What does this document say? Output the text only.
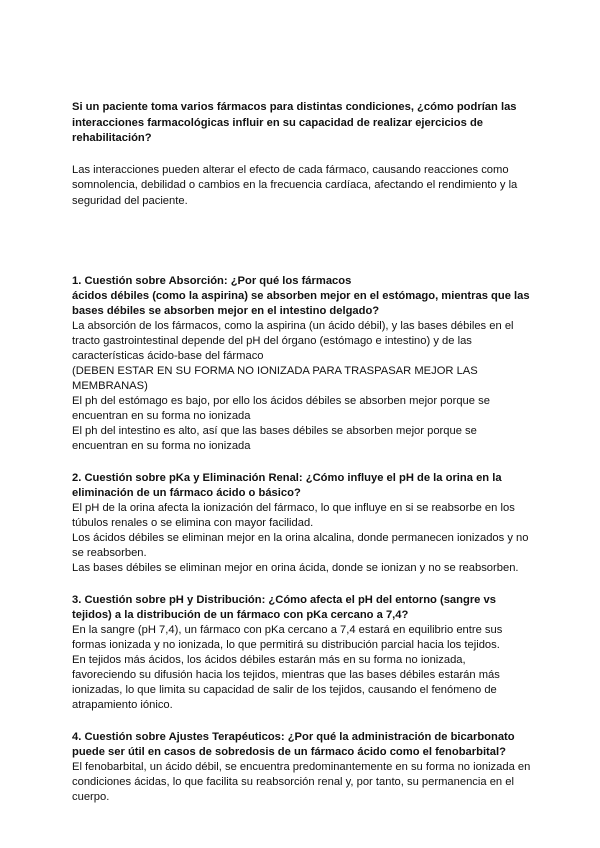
Si un paciente toma varios fármacos para distintas condiciones, ¿cómo podrían las interacciones farmacológicas influir en su capacidad de realizar ejercicios de rehabilitación?

Las interacciones pueden alterar el efecto de cada fármaco, causando reacciones como somnolencia, debilidad o cambios en la frecuencia cardíaca, afectando el rendimiento y la seguridad del paciente.

1. Cuestión sobre Absorción: ¿Por qué los fármacos

ácidos débiles (como la aspirina) se absorben mejor en el estómago, mientras que las bases débiles se absorben mejor en el intestino delgado?

La absorción de los fármacos, como la aspirina (un ácido débil), y las bases débiles en el tracto gastrointestinal depende del pH del órgano (estómago e intestino) y de las características ácido-base del fármaco

(DEBEN ESTAR EN SU FORMA NO IONIZADA PARA TRASPASAR MEJOR LAS MEMBRANAS)

El ph del estómago es bajo, por ello los ácidos débiles se absorben mejor porque se encuentran en su forma no ionizada

El ph del intestino es alto, así que las bases débiles se absorben mejor porque se encuentran en su forma no ionizada

2. Cuestión sobre pKa y Eliminación Renal: ¿Cómo influye el pH de la orina en la eliminación de un fármaco ácido o básico?

El pH de la orina afecta la ionización del fármaco, lo que influye en si se reabsorbe en los túbulos renales o se elimina con mayor facilidad.

Los ácidos débiles se eliminan mejor en la orina alcalina, donde permanecen ionizados y no se reabsorben.

Las bases débiles se eliminan mejor en orina ácida, donde se ionizan y no se reabsorben.

3. Cuestión sobre pH y Distribución: ¿Cómo afecta el pH del entorno (sangre vs tejidos) a la distribución de un fármaco con pKa cercano a 7,4?

En la sangre (pH 7,4), un fármaco con pKa cercano a 7,4 estará en equilibrio entre sus formas ionizada y no ionizada, lo que permitirá su distribución parcial hacia los tejidos.

En tejidos más ácidos, los ácidos débiles estarán más en su forma no ionizada, favoreciendo su difusión hacia los tejidos, mientras que las bases débiles estarán más ionizadas, lo que limita su capacidad de salir de los tejidos, causando el fenómeno de atrapamiento iónico.

4. Cuestión sobre Ajustes Terapéuticos: ¿Por qué la administración de bicarbonato puede ser útil en casos de sobredosis de un fármaco ácido como el fenobarbital?

El fenobarbital, un ácido débil, se encuentra predominantemente en su forma no ionizada en condiciones ácidas, lo que facilita su reabsorción renal y, por tanto, su permanencia en el cuerpo.
